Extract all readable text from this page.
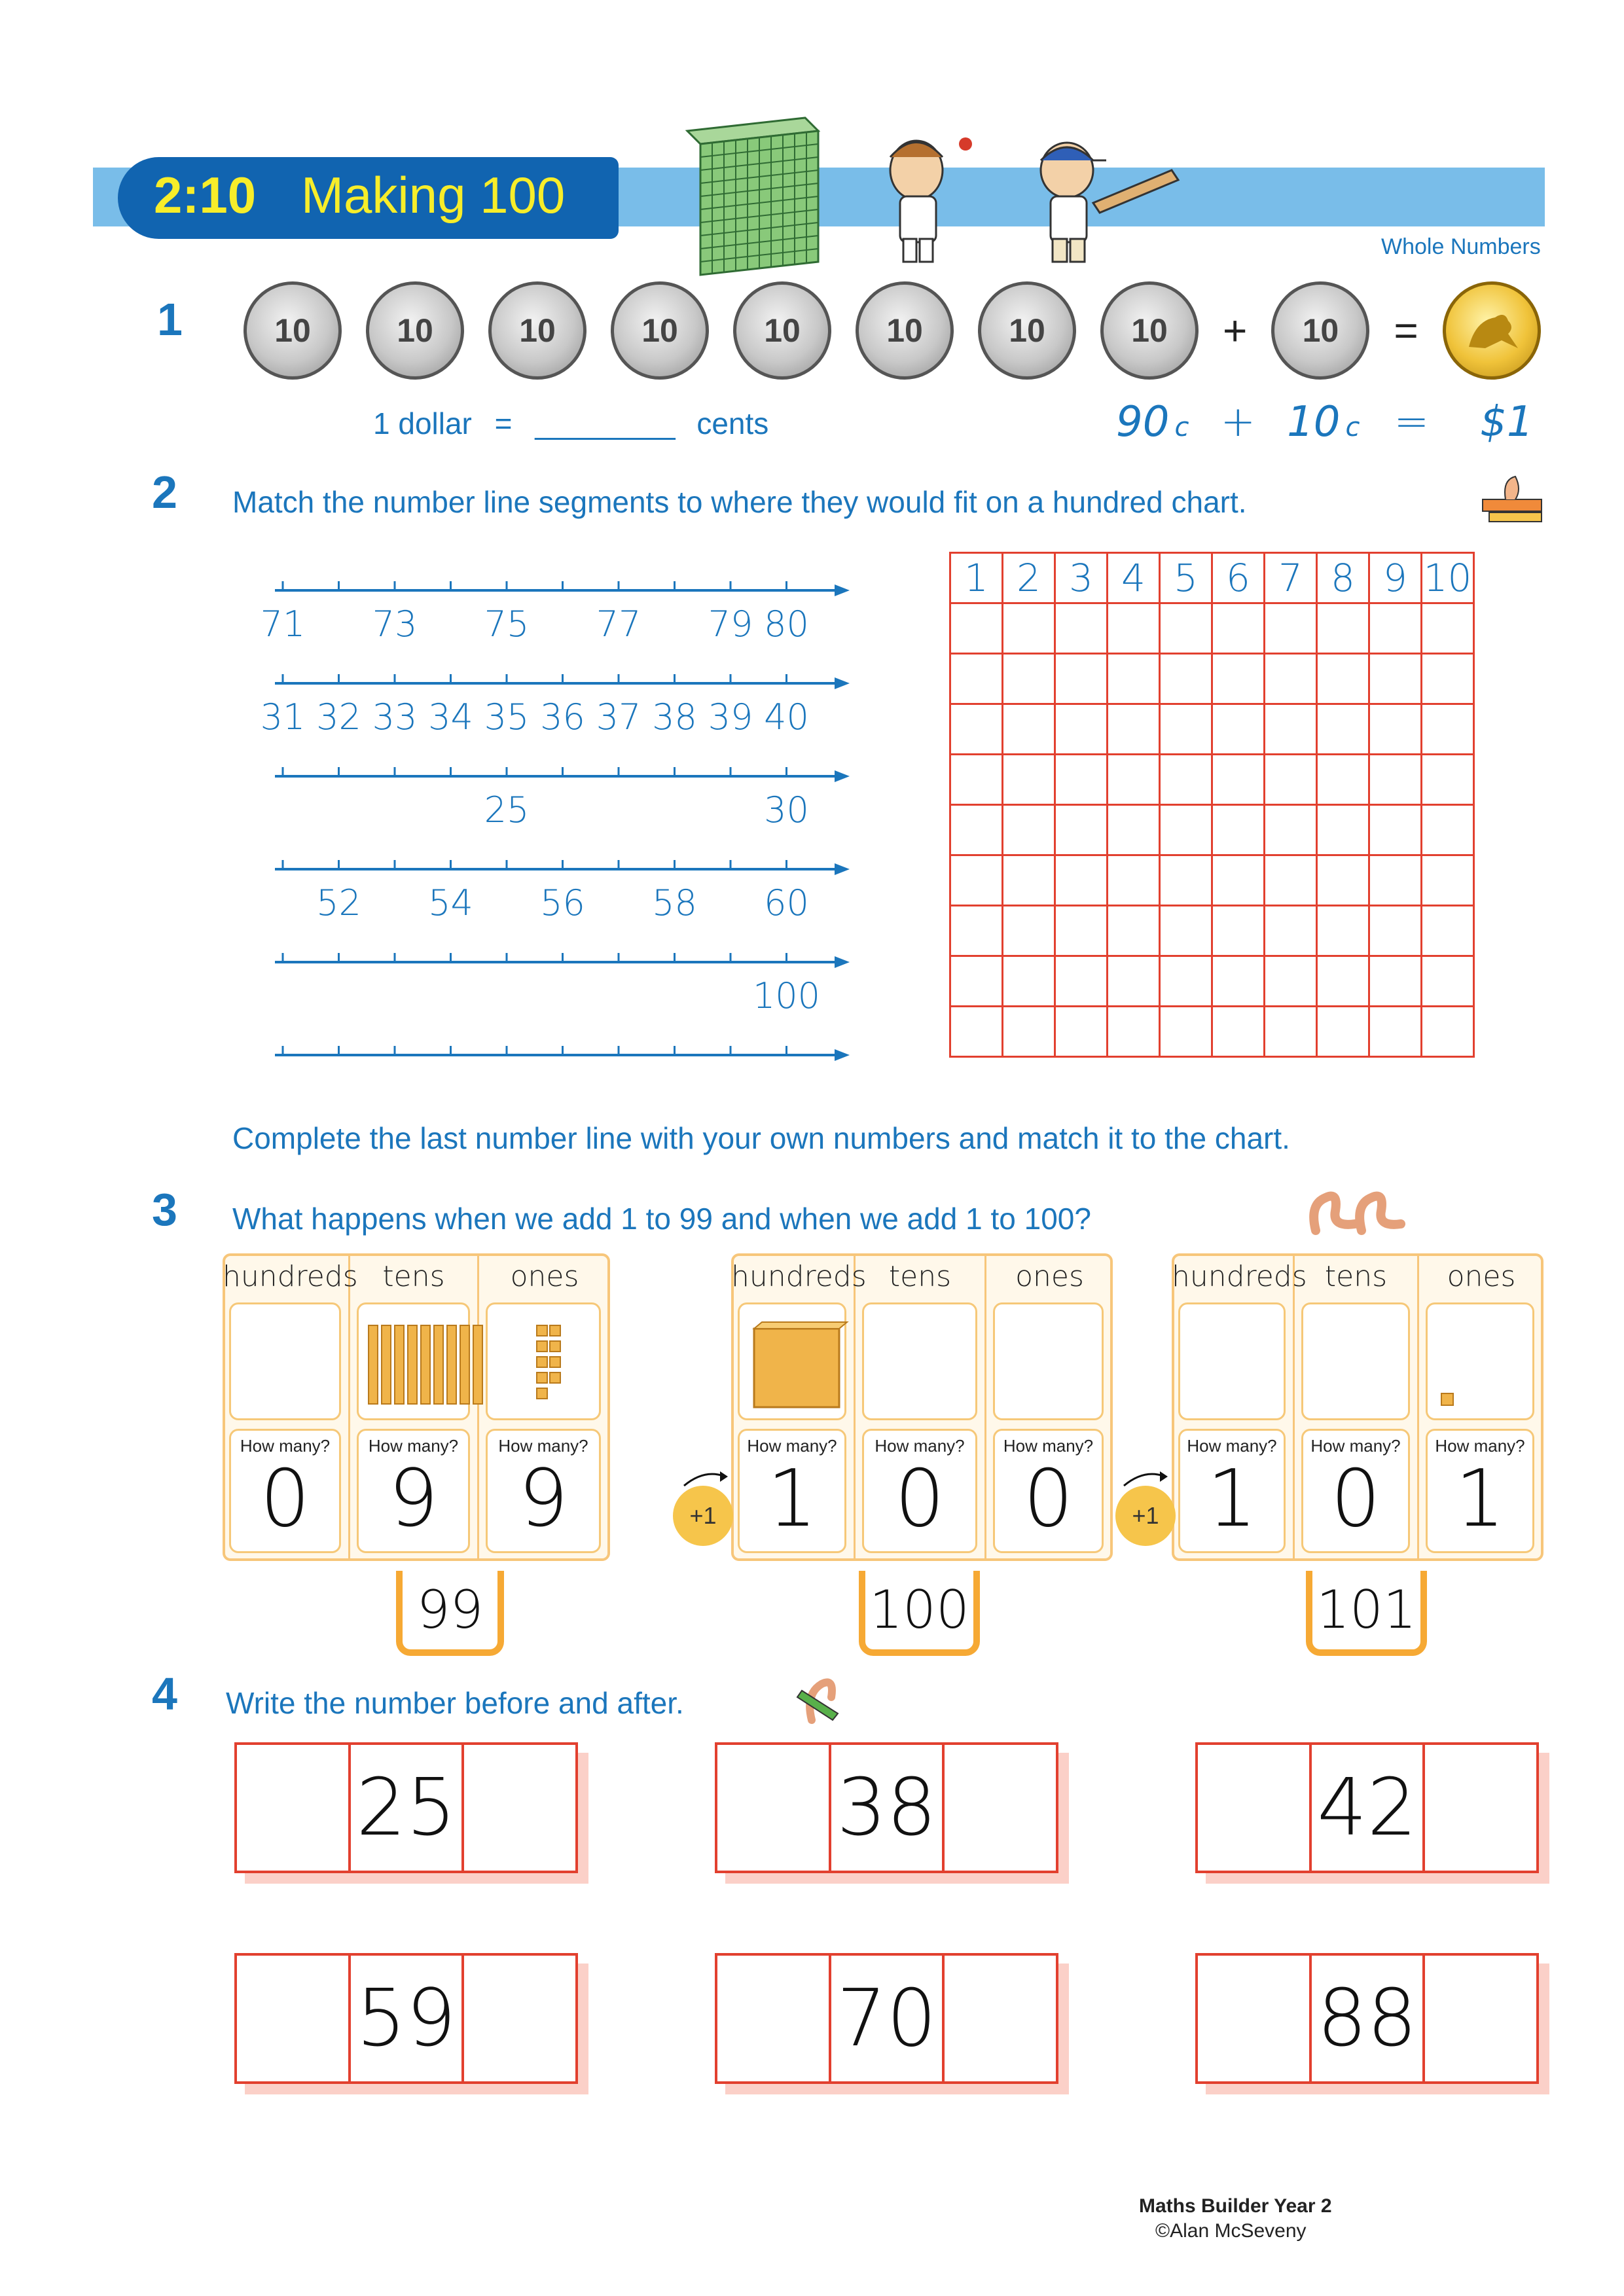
2:10 Making 100
Whole Numbers
1	10	10	10	10	10	10	10	10	+	10	=
1 dollar = _________ cents	90 c + 10 c = $1
2 Match the number line segments to where they would fit on a hundred chart.
71 73 75 77 79 80
31 32 33 34 35 36 37 38 39 40
25	30
52 54 56 58 60
100
1	2	3	4	5	6	7	8	9	10

Complete the last number line with your own numbers and match it to the chart.
3 What happens when we add 1 to 99 and when we add 1 to 100?
hundreds
How many?
0
tens
How many?
9
ones
How many?
9
99
hundreds
How many?
1
tens
How many?
0
ones
How many?
0
100
hundreds
How many?
1
tens
How many?
0
ones
How many?
1
101
+1	+1
4 Write the number before and after.
25	38	42
59	70	88
Maths Builder Year 2
©Alan McSeveny
